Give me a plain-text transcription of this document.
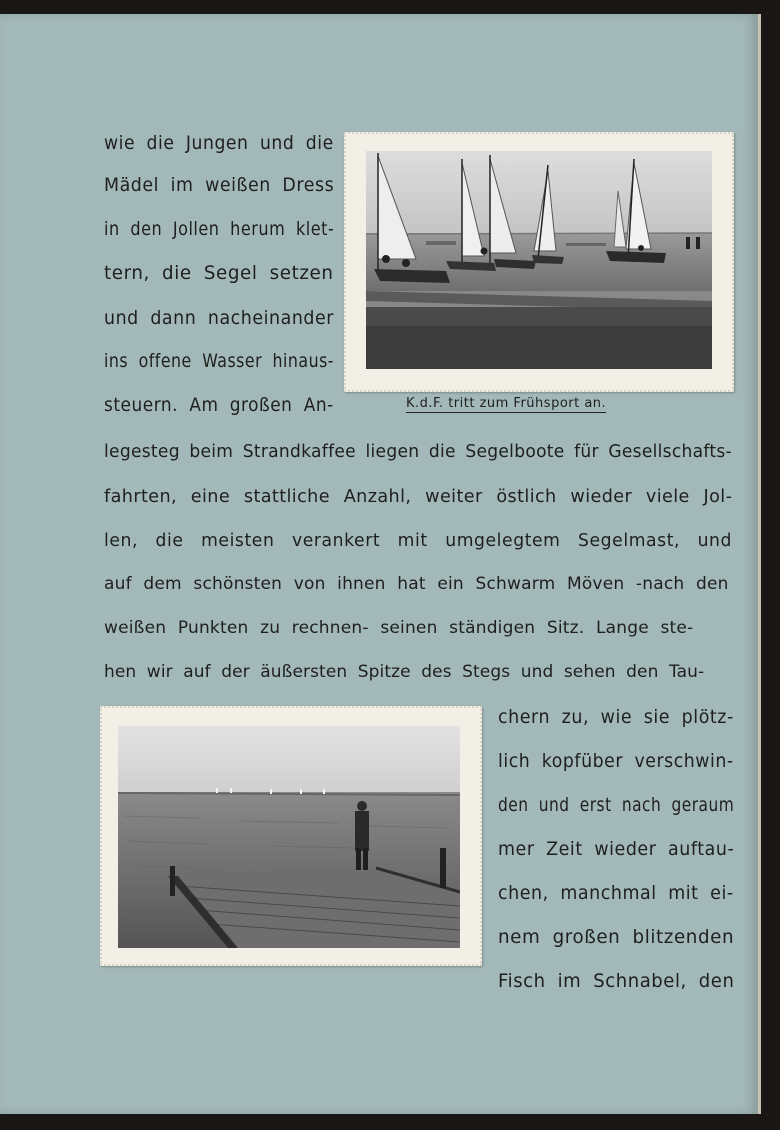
wie die Jungen und die
Mädel im weißen Dress
in den Jollen herum klet-
tern, die Segel setzen
und dann nacheinander
ins offene Wasser hinaus-
steuern. Am großen An-	K.d.F. tritt zum Frühsport an.
legesteg beim Strandkaffee liegen die Segelboote für Gesellschafts-
fahrten, eine stattliche Anzahl, weiter östlich wieder viele Jol-
len, die meisten verankert mit umgelegtem Segelmast, und
auf dem schönsten von ihnen hat ein Schwarm Möven -nach den
weißen Punkten zu rechnen- seinen ständigen Sitz. Lange ste-
hen wir auf der äußersten Spitze des Stegs und sehen den Tau-
chern zu, wie sie plötz-
lich kopfüber verschwin-
den und erst nach geraum
mer Zeit wieder auftau-
chen, manchmal mit ei-
nem großen blitzenden
Fisch im Schnabel, den
